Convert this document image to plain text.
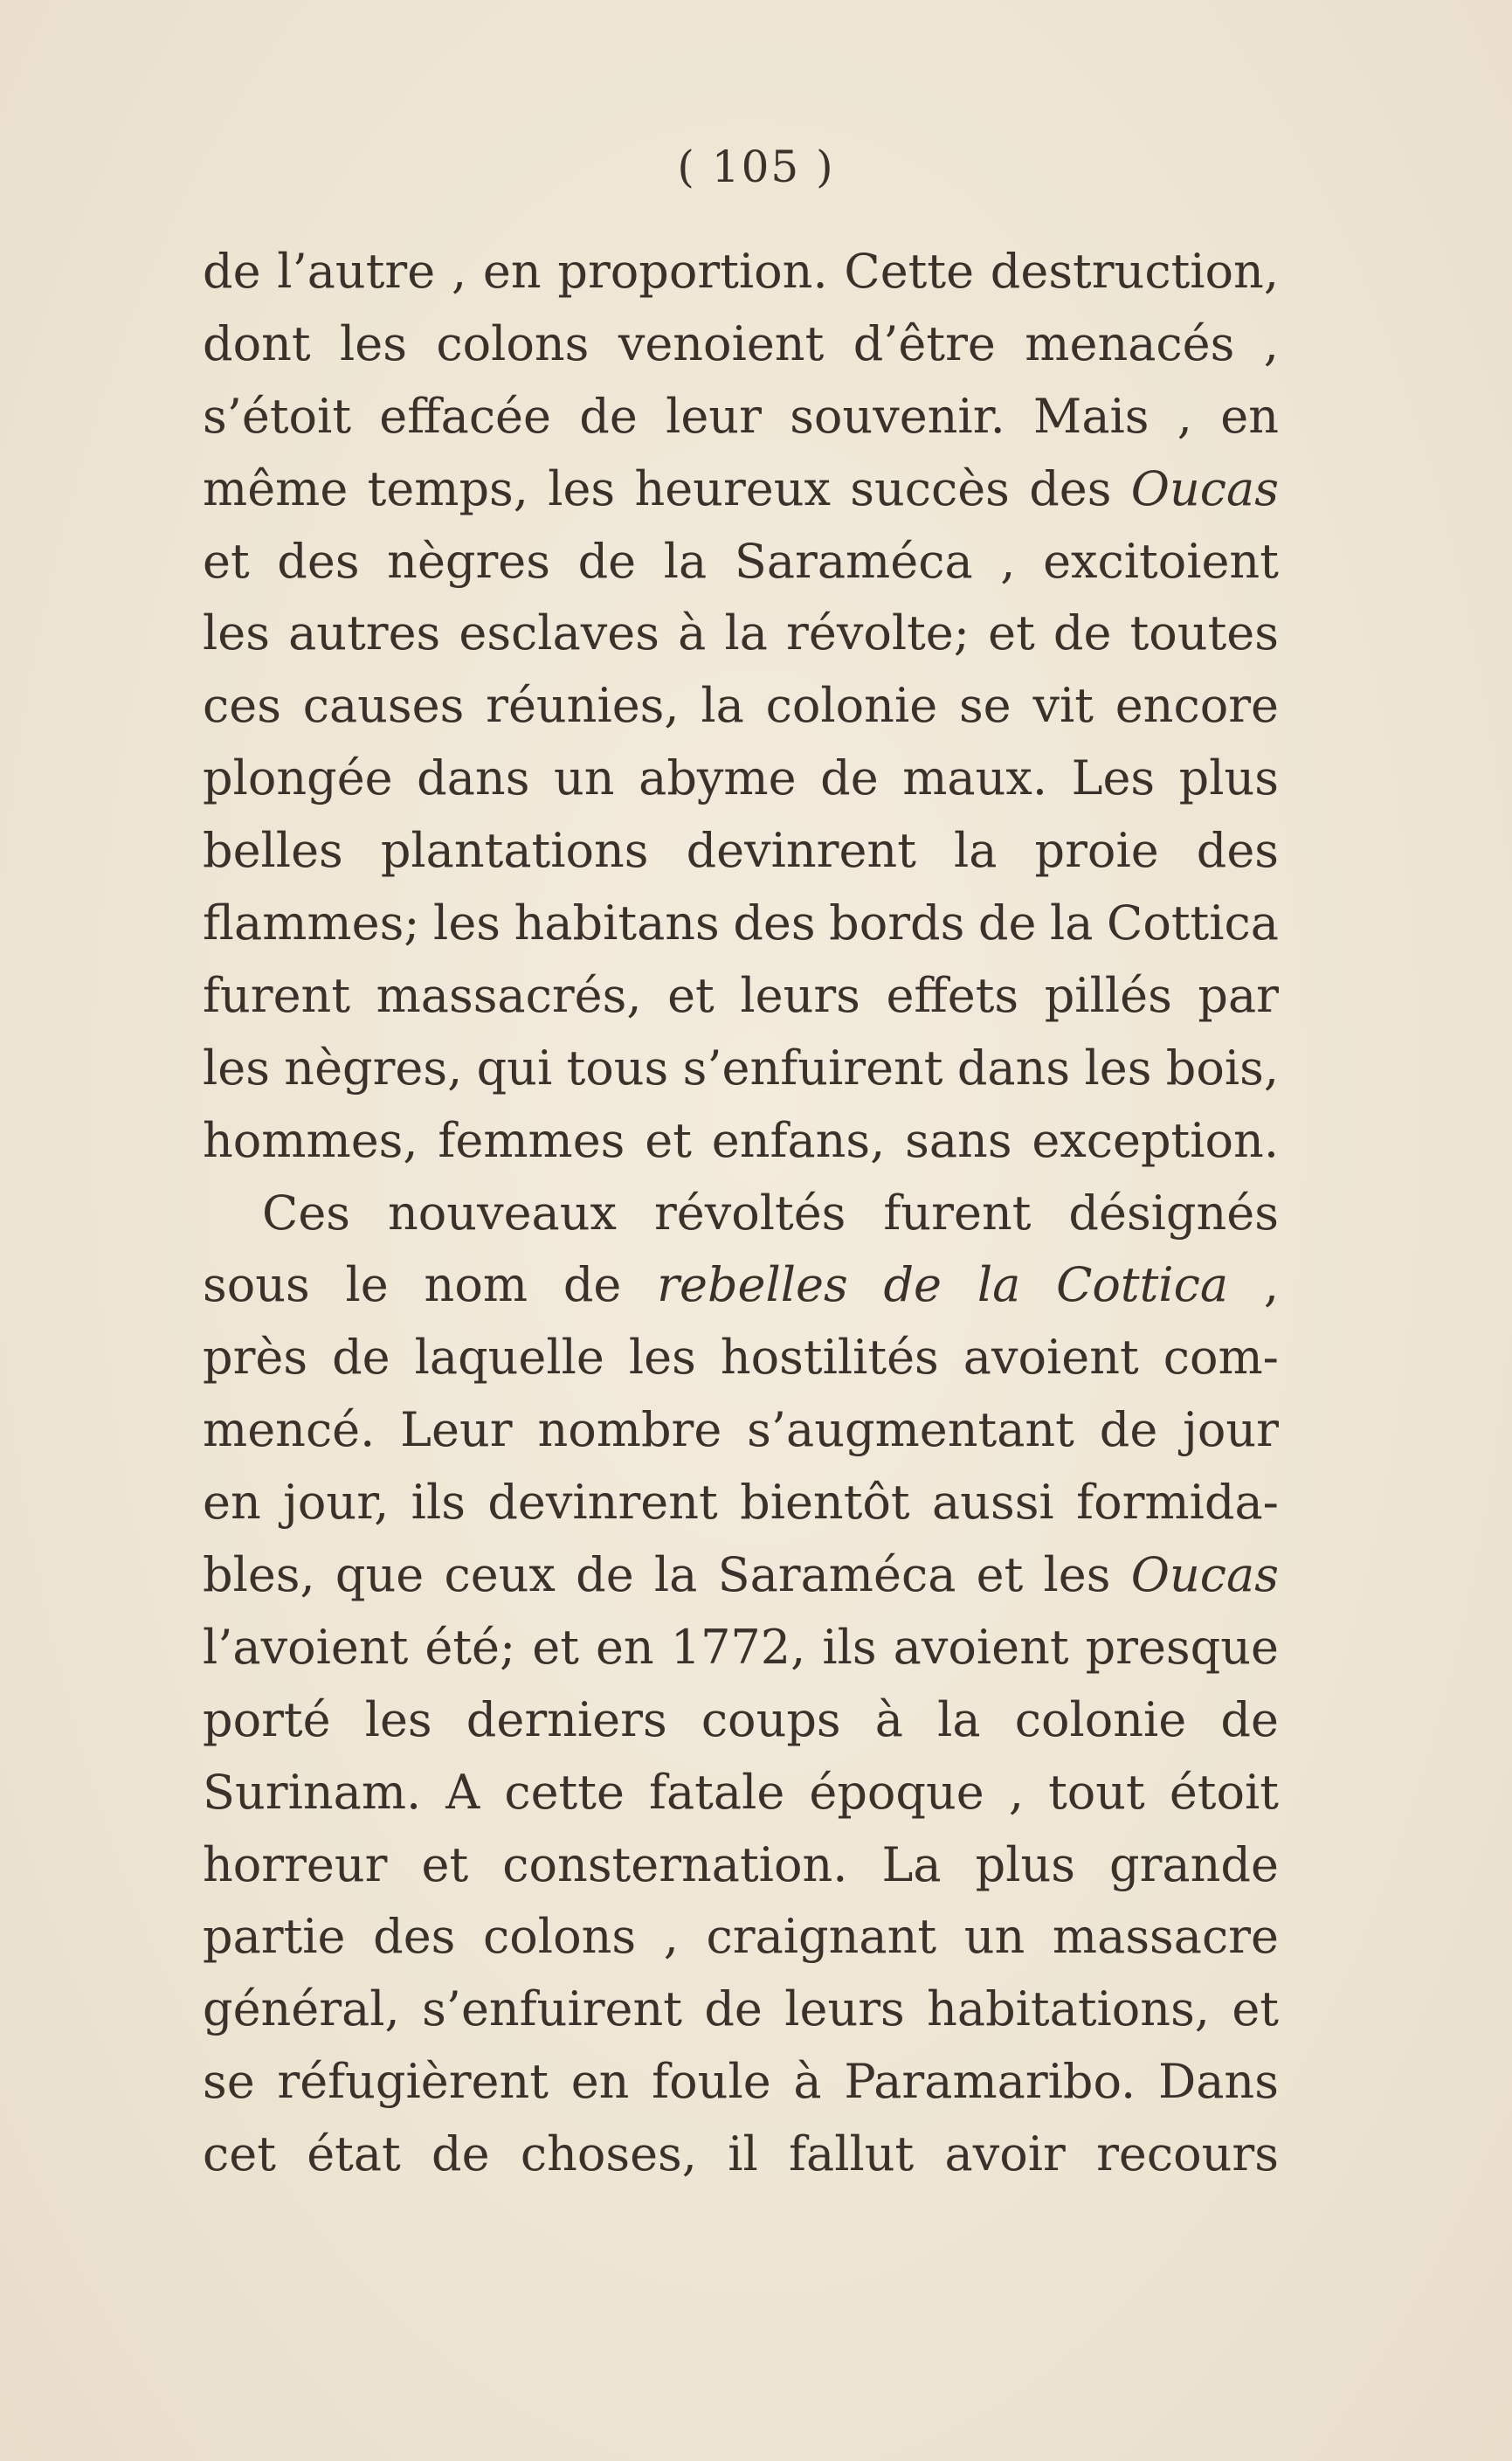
( 105 )
de l’autre , en proportion. Cette destruction,
dont les colons venoient d’être menacés ,
s’étoit effacée de leur souvenir. Mais , en
même temps, les heureux succès des Oucas
et des nègres de la Saraméca , excitoient
les autres esclaves à la révolte; et de toutes
ces causes réunies, la colonie se vit encore
plongée dans un abyme de maux. Les plus
belles plantations devinrent la proie des
flammes; les habitans des bords de la Cottica
furent massacrés, et leurs effets pillés par
les nègres, qui tous s’enfuirent dans les bois,
hommes, femmes et enfans, sans exception.
Ces nouveaux révoltés furent désignés
sous le nom de rebelles de la Cottica ,
près de laquelle les hostilités avoient com-
mencé. Leur nombre s’augmentant de jour
en jour, ils devinrent bientôt aussi formida-
bles, que ceux de la Saraméca et les Oucas
l’avoient été; et en 1772, ils avoient presque
porté les derniers coups à la colonie de
Surinam. A cette fatale époque , tout étoit
horreur et consternation. La plus grande
partie des colons , craignant un massacre
général, s’enfuirent de leurs habitations, et
se réfugièrent en foule à Paramaribo. Dans
cet état de choses, il fallut avoir recours
